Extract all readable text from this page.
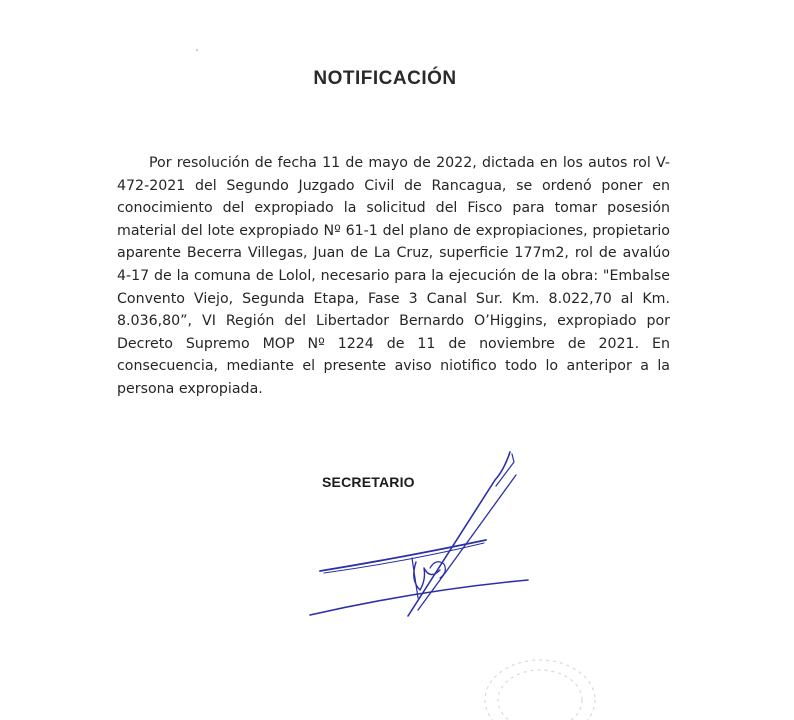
NOTIFICACIÓN

Por resolución de fecha 11 de mayo de 2022, dictada en los autos rol V-472-2021 del Segundo Juzgado Civil de Rancagua, se ordenó poner en conocimiento del expropiado la solicitud del Fisco para tomar posesión material del lote expropiado Nº 61-1 del plano de expropiaciones, propietario aparente Becerra Villegas, Juan de La Cruz, superficie 177m2, rol de avalúo 4-17 de la comuna de Lolol, necesario para la ejecución de la obra: "Embalse Convento Viejo, Segunda Etapa, Fase 3 Canal Sur. Km. 8.022,70 al Km. 8.036,80”, VI Región del Libertador Bernardo O’Higgins, expropiado por Decreto Supremo MOP Nº 1224 de 11 de noviembre de 2021. En consecuencia, mediante el presente aviso niotifico todo lo anteripor a la persona expropiada.

SECRETARIO
